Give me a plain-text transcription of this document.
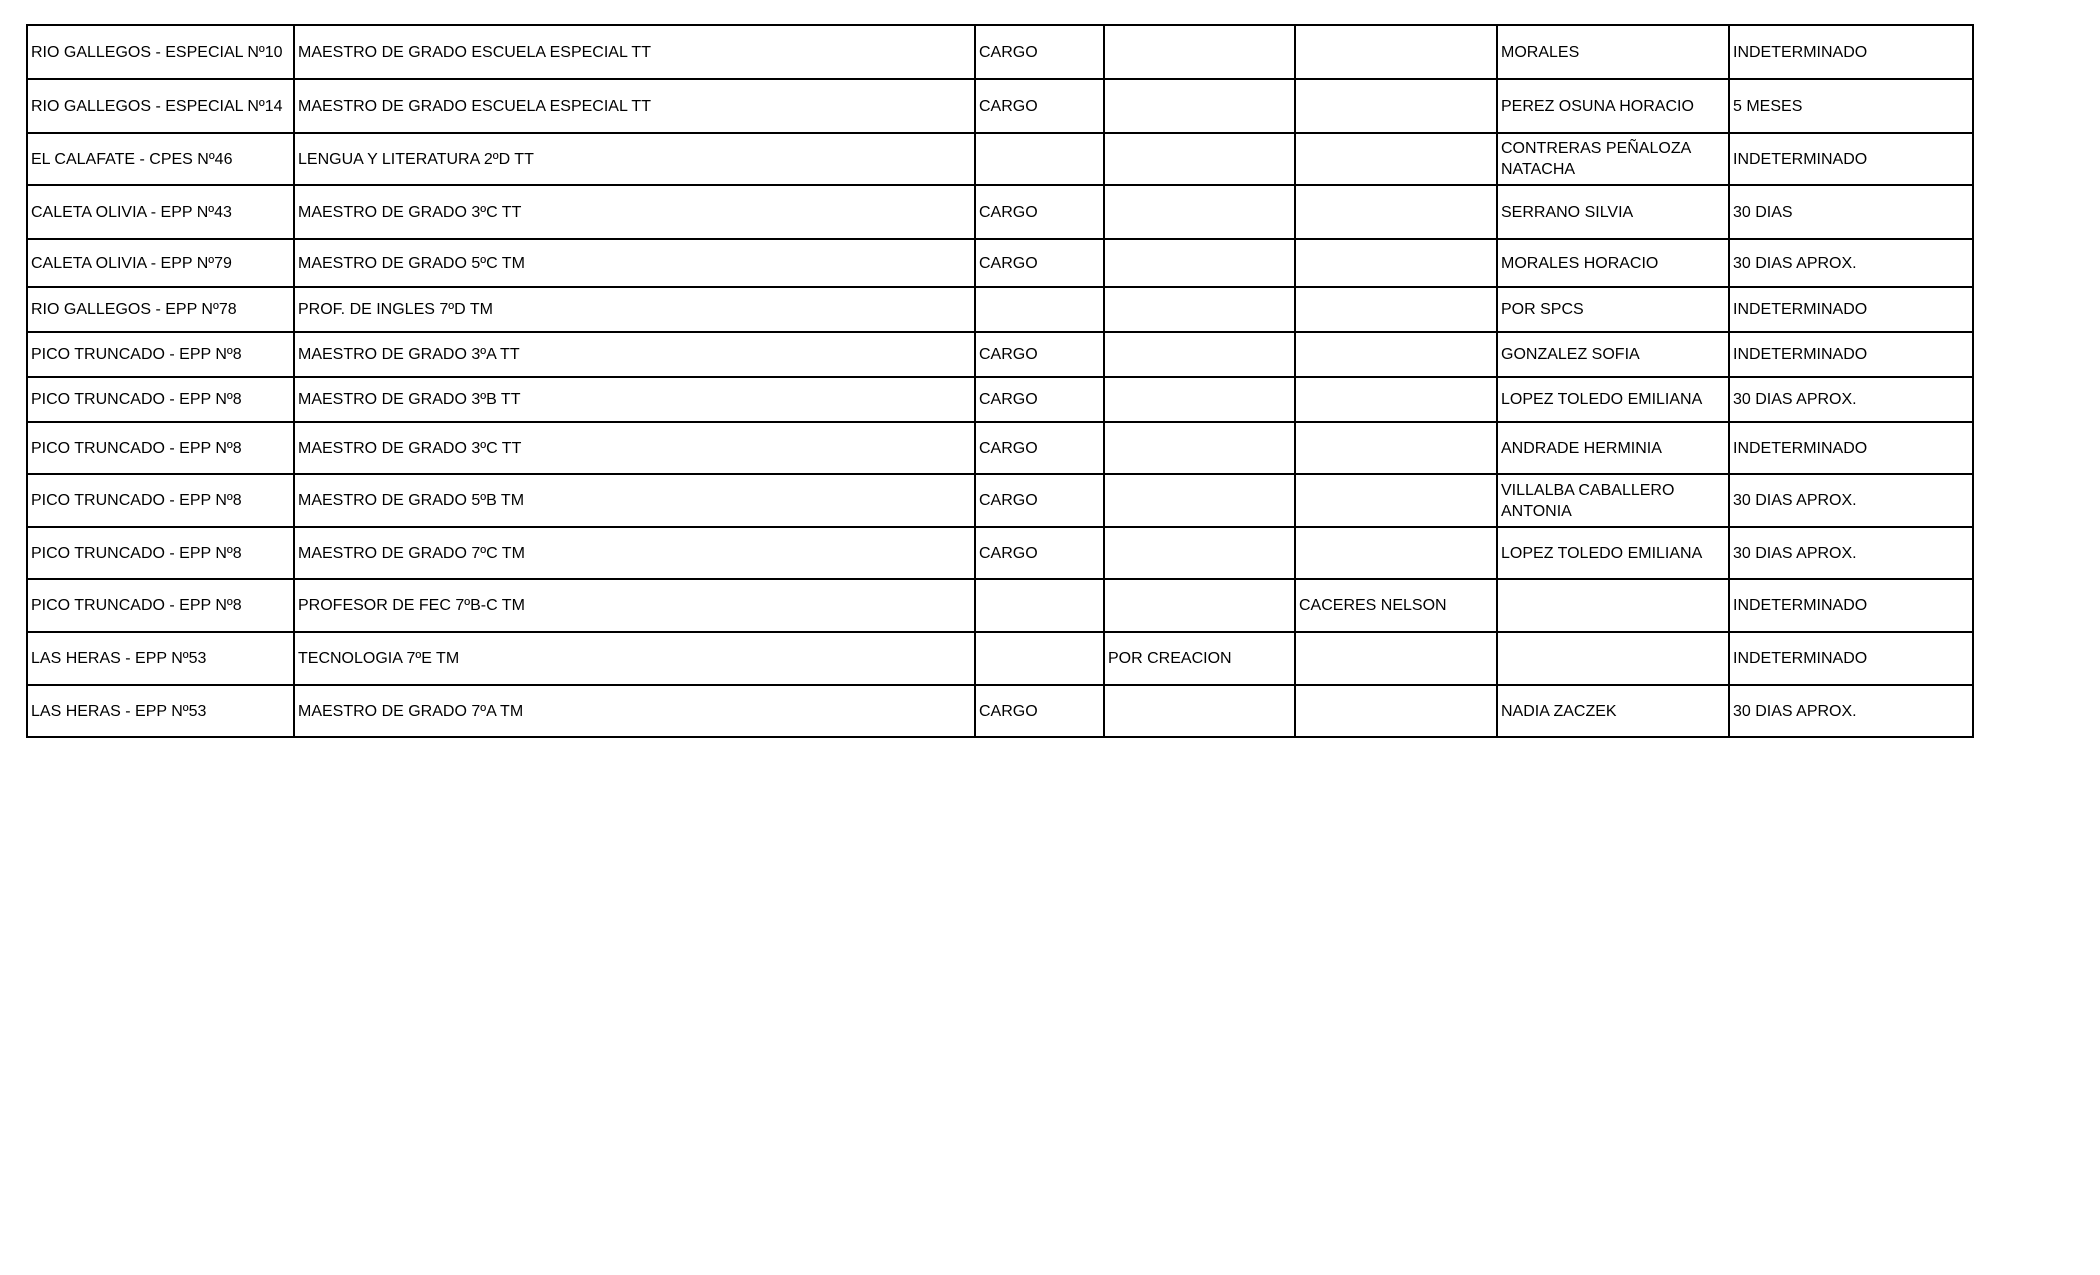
RIO GALLEGOS - ESPECIAL Nº10	MAESTRO DE GRADO ESCUELA ESPECIAL TT	CARGO			MORALES	INDETERMINADO
RIO GALLEGOS - ESPECIAL Nº14	MAESTRO DE GRADO ESCUELA ESPECIAL TT	CARGO			PEREZ OSUNA HORACIO	5 MESES
EL CALAFATE - CPES Nº46	LENGUA Y LITERATURA 2ºD TT				CONTRERAS PEÑALOZA NATACHA	INDETERMINADO
CALETA OLIVIA - EPP Nº43	MAESTRO DE GRADO 3ºC TT	CARGO			SERRANO SILVIA	30 DIAS
CALETA OLIVIA - EPP Nº79	MAESTRO DE GRADO 5ºC TM	CARGO			MORALES HORACIO	30 DIAS APROX.
RIO GALLEGOS - EPP Nº78	PROF. DE INGLES 7ºD TM				POR SPCS	INDETERMINADO
PICO TRUNCADO - EPP Nº8	MAESTRO DE GRADO 3ºA TT	CARGO			GONZALEZ SOFIA	INDETERMINADO
PICO TRUNCADO - EPP Nº8	MAESTRO DE GRADO 3ºB TT	CARGO			LOPEZ TOLEDO EMILIANA	30 DIAS APROX.
PICO TRUNCADO - EPP Nº8	MAESTRO DE GRADO 3ºC TT	CARGO			ANDRADE HERMINIA	INDETERMINADO
PICO TRUNCADO - EPP Nº8	MAESTRO DE GRADO 5ºB TM	CARGO			VILLALBA CABALLERO ANTONIA	30 DIAS APROX.
PICO TRUNCADO - EPP Nº8	MAESTRO DE GRADO 7ºC TM	CARGO			LOPEZ TOLEDO EMILIANA	30 DIAS APROX.
PICO TRUNCADO - EPP Nº8	PROFESOR DE FEC 7ºB-C TM			CACERES NELSON		INDETERMINADO
LAS HERAS - EPP Nº53	TECNOLOGIA 7ºE TM		POR CREACION			INDETERMINADO
LAS HERAS - EPP Nº53	MAESTRO DE GRADO 7ºA TM	CARGO			NADIA ZACZEK	30 DIAS APROX.
